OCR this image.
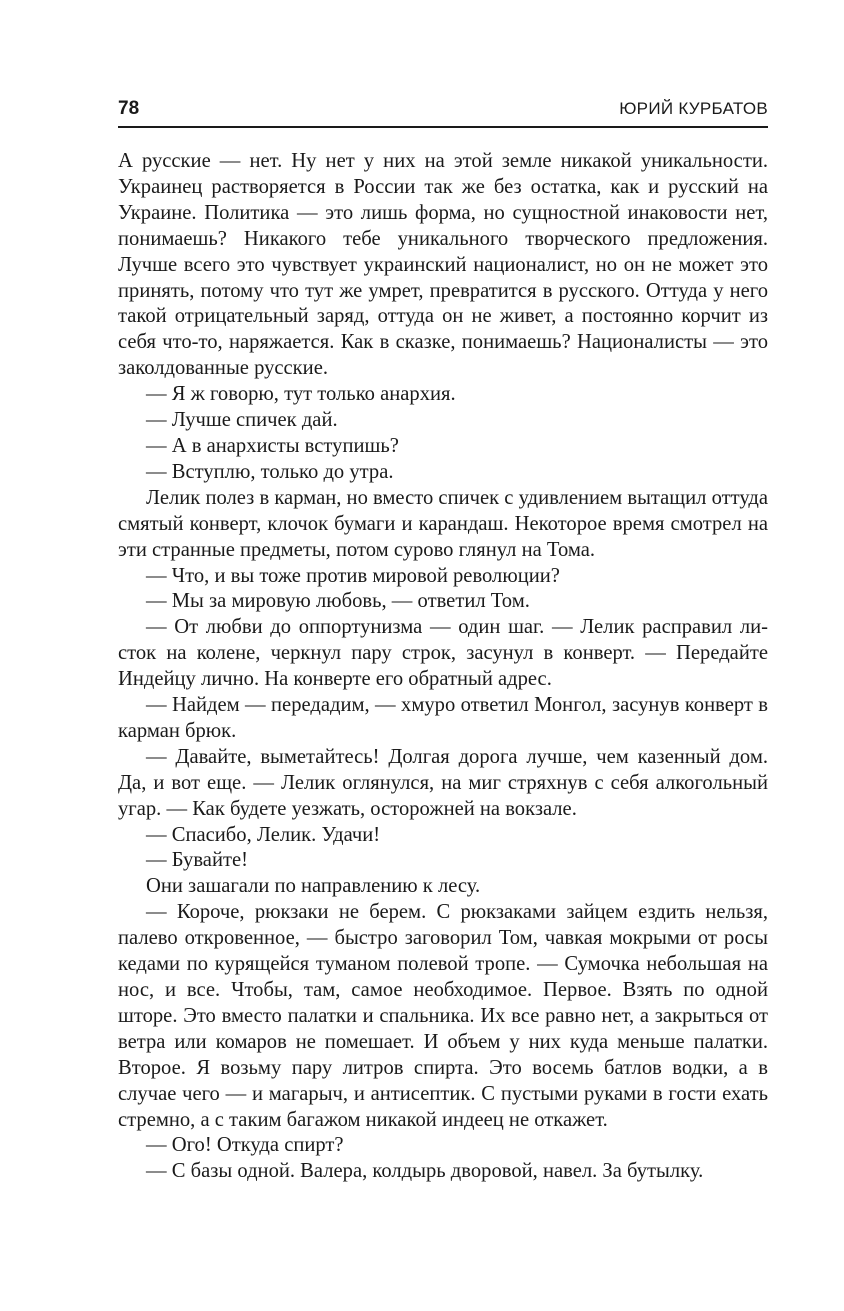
78	ЮРИЙ КУРБАТОВ

А русские — нет. Ну нет у них на этой земле никакой уникальности. Украинец растворяется в России так же без остатка, как и русский на Украине. Политика — это лишь форма, но сущностной инаковости нет, понимаешь? Никакого тебе уникального творческого предложения. Лучше всего это чувствует украинский националист, но он не может это принять, потому что тут же умрет, превратится в русского. Оттуда у него такой отрицательный заряд, оттуда он не живет, а постоянно корчит из себя что-то, наряжается. Как в сказке, понимаешь? Националисты — это заколдованные русские.

— Я ж говорю, тут только анархия.

— Лучше спичек дай.

— А в анархисты вступишь?

— Вступлю, только до утра.

Лелик полез в карман, но вместо спичек с удивлением вытащил оттуда смятый конверт, клочок бумаги и карандаш. Некоторое время смотрел на эти странные предметы, потом сурово глянул на Тома.

— Что, и вы тоже против мировой революции?

— Мы за мировую любовь, — ответил Том.

— От любви до оппортунизма — один шаг. — Лелик расправил листок на колене, черкнул пару строк, засунул в конверт. — Передайте Индейцу лично. На конверте его обратный адрес.

— Найдем — передадим, — хмуро ответил Монгол, засунув конверт в карман брюк.

— Давайте, выметайтесь! Долгая дорога лучше, чем казенный дом. Да, и вот еще. — Лелик оглянулся, на миг стряхнув с себя алкогольный угар. — Как будете уезжать, осторожней на вокзале.

— Спасибо, Лелик. Удачи!

— Бувайте!

Они зашагали по направлению к лесу.

— Короче, рюкзаки не берем. С рюкзаками зайцем ездить нельзя, палево откровенное, — быстро заговорил Том, чавкая мокрыми от росы кедами по курящейся туманом полевой тропе. — Сумочка небольшая на нос, и все. Чтобы, там, самое необходимое. Первое. Взять по одной шторе. Это вместо палатки и спальника. Их все равно нет, а закрыться от ветра или комаров не помешает. И объем у них куда меньше палатки. Второе. Я возьму пару литров спирта. Это восемь батлов водки, а в случае чего — и магарыч, и антисептик. С пустыми руками в гости ехать стремно, а с таким багажом никакой индеец не откажет.

— Ого! Откуда спирт?

— С базы одной. Валера, колдырь дворовой, навел. За бутылку.
